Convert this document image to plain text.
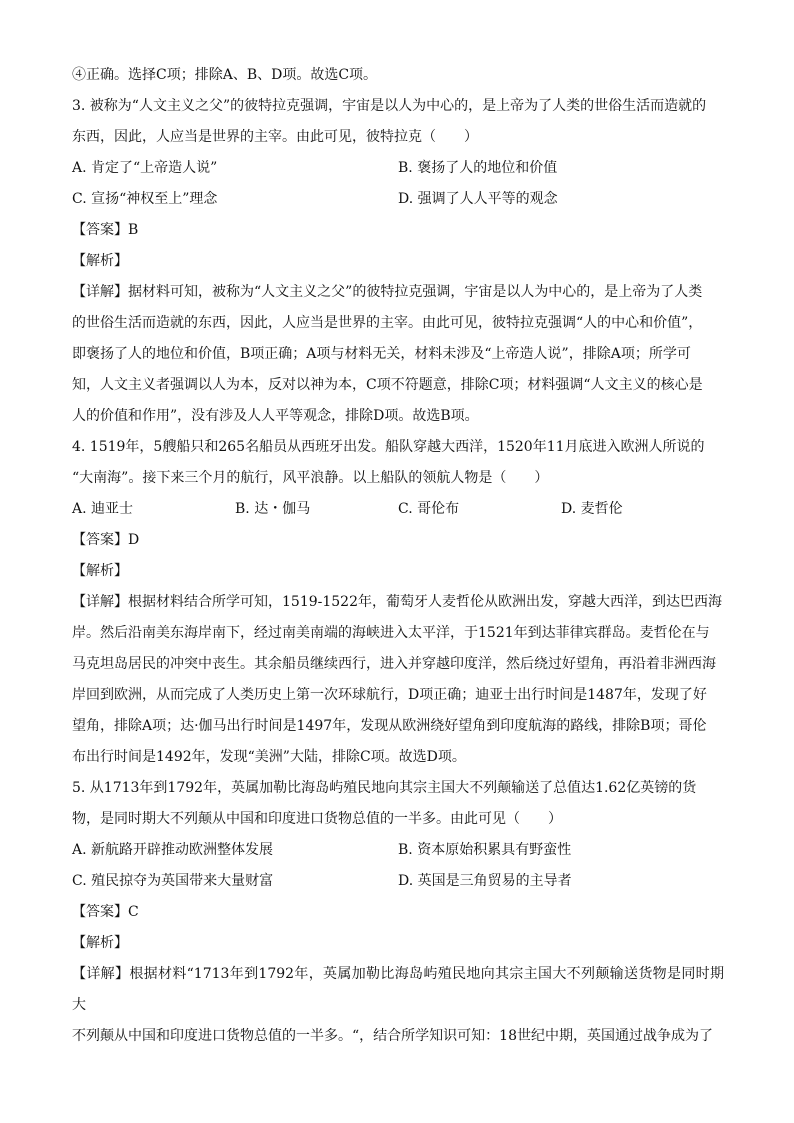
④正确。选择C项；排除A、B、D项。故选C项。

3. 被称为“人文主义之父”的彼特拉克强调，宇宙是以人为中心的，是上帝为了人类的世俗生活而造就的

东西，因此，人应当是世界的主宰。由此可见，彼特拉克（　　）

A. 肯定了“上帝造人说”	B. 褒扬了人的地位和价值

C. 宣扬“神权至上”理念	D. 强调了人人平等的观念

【答案】B

【解析】

【详解】据材料可知，被称为“人文主义之父”的彼特拉克强调，宇宙是以人为中心的，是上帝为了人类

的世俗生活而造就的东西，因此，人应当是世界的主宰。由此可见，彼特拉克强调“人的中心和价值”，

即褒扬了人的地位和价值，B项正确；A项与材料无关，材料未涉及“上帝造人说”，排除A项；所学可

知，人文主义者强调以人为本，反对以神为本，C项不符题意，排除C项；材料强调“人文主义的核心是

人的价值和作用”，没有涉及人人平等观念，排除D项。故选B项。

4. 1519年，5艘船只和265名船员从西班牙出发。船队穿越大西洋，1520年11月底进入欧洲人所说的

“大南海”。接下来三个月的航行，风平浪静。以上船队的领航人物是（　　）

A. 迪亚士	B. 达・伽马	C. 哥伦布	D. 麦哲伦

【答案】D

【解析】

【详解】根据材料结合所学可知，1519-1522年，葡萄牙人麦哲伦从欧洲出发，穿越大西洋，到达巴西海

岸。然后沿南美东海岸南下，经过南美南端的海峡进入太平洋，于1521年到达菲律宾群岛。麦哲伦在与

马克坦岛居民的冲突中丧生。其余船员继续西行，进入并穿越印度洋，然后绕过好望角，再沿着非洲西海

岸回到欧洲，从而完成了人类历史上第一次环球航行，D项正确；迪亚士出行时间是1487年，发现了好

望角，排除A项；达·伽马出行时间是1497年，发现从欧洲绕好望角到印度航海的路线，排除B项；哥伦

布出行时间是1492年，发现“美洲”大陆，排除C项。故选D项。

5. 从1713年到1792年，英属加勒比海岛屿殖民地向其宗主国大不列颠输送了总值达1.62亿英镑的货

物，是同时期大不列颠从中国和印度进口货物总值的一半多。由此可见（　　）

A. 新航路开辟推动欧洲整体发展	B. 资本原始积累具有野蛮性

C. 殖民掠夺为英国带来大量财富	D. 英国是三角贸易的主导者

【答案】C

【解析】

【详解】根据材料“1713年到1792年，英属加勒比海岛屿殖民地向其宗主国大不列颠输送货物是同时期大

不列颠从中国和印度进口货物总值的一半多。“，结合所学知识可知：18世纪中期，英国通过战争成为了
